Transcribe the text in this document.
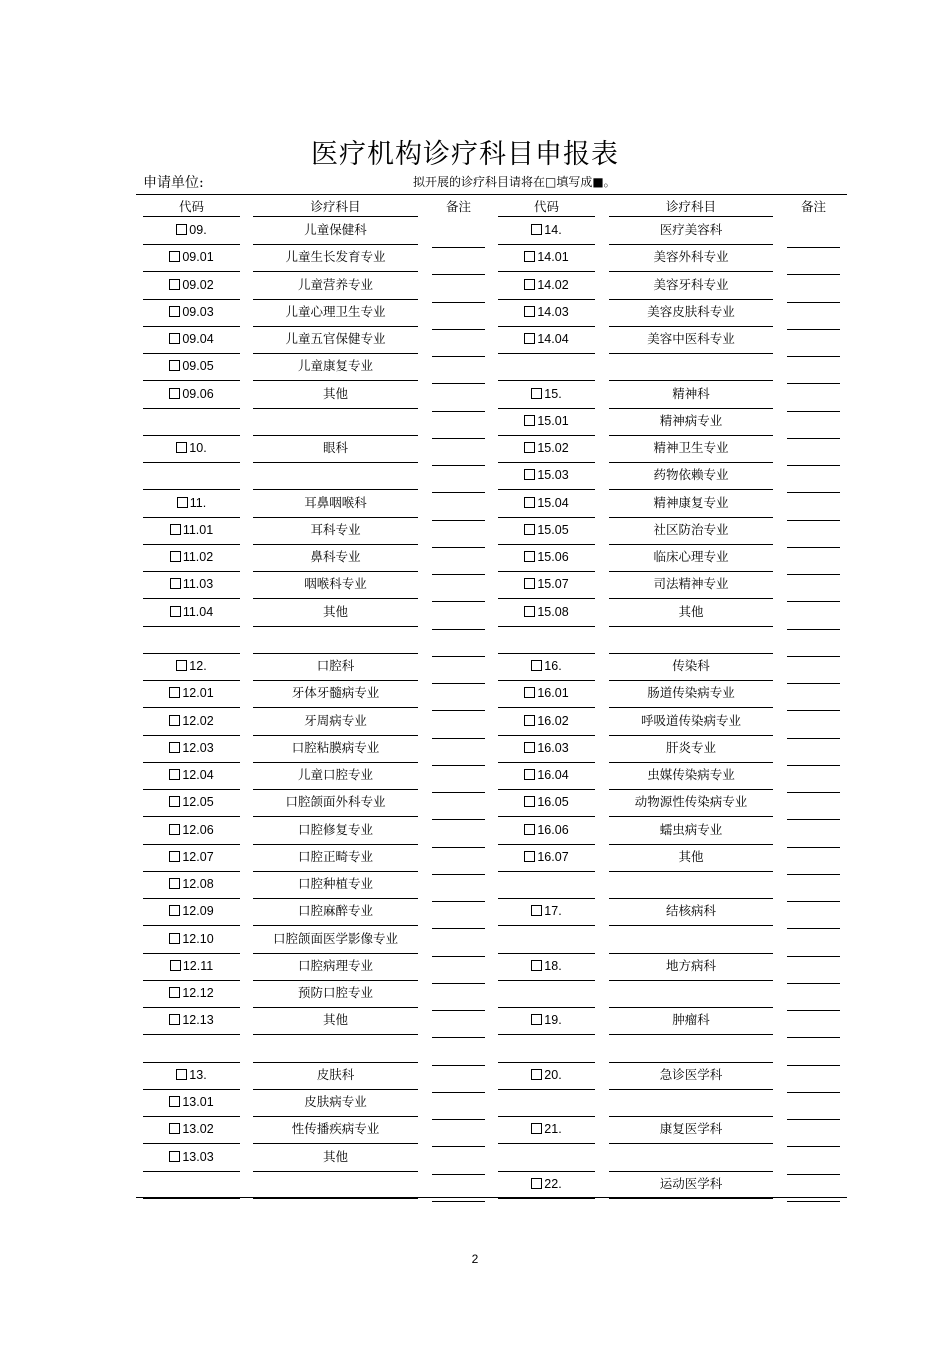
医疗机构诊疗科目申报表
申请单位:	拟开展的诊疗科目请将在□填写成■。
代码	诊疗科目	备注	代码	诊疗科目	备注
09.	儿童保健科
09.01	儿童生长发育专业
09.02	儿童营养专业
09.03	儿童心理卫生专业
09.04	儿童五官保健专业
09.05	儿童康复专业
09.06	其他
10.	眼科
11.	耳鼻咽喉科
11.01	耳科专业
11.02	鼻科专业
11.03	咽喉科专业
11.04	其他
12.	口腔科
12.01	牙体牙髓病专业
12.02	牙周病专业
12.03	口腔粘膜病专业
12.04	儿童口腔专业
12.05	口腔颌面外科专业
12.06	口腔修复专业
12.07	口腔正畸专业
12.08	口腔种植专业
12.09	口腔麻醉专业
12.10	口腔颌面医学影像专业
12.11	口腔病理专业
12.12	预防口腔专业
12.13	其他
13.	皮肤科
13.01	皮肤病专业
13.02	性传播疾病专业
13.03	其他
14.	医疗美容科
14.01	美容外科专业
14.02	美容牙科专业
14.03	美容皮肤科专业
14.04	美容中医科专业
15.	精神科
15.01	精神病专业
15.02	精神卫生专业
15.03	药物依赖专业
15.04	精神康复专业
15.05	社区防治专业
15.06	临床心理专业
15.07	司法精神专业
15.08	其他
16.	传染科
16.01	肠道传染病专业
16.02	呼吸道传染病专业
16.03	肝炎专业
16.04	虫媒传染病专业
16.05	动物源性传染病专业
16.06	蠕虫病专业
16.07	其他
17.	结核病科
18.	地方病科
19.	肿瘤科
20.	急诊医学科
21.	康复医学科
22.	运动医学科
2
